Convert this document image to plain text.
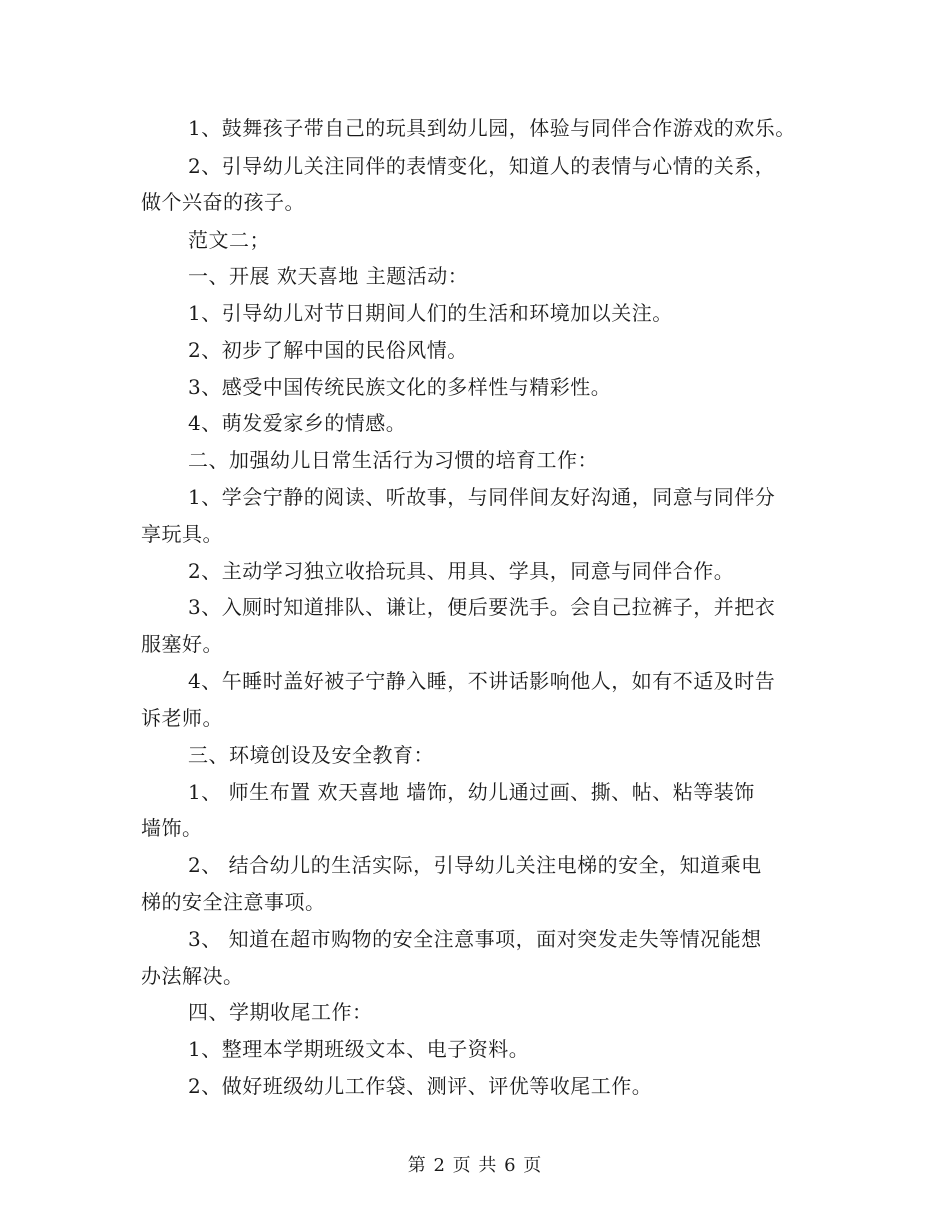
1、鼓舞孩子带自己的玩具到幼儿园，体验与同伴合作游戏的欢乐。
2、引导幼儿关注同伴的表情变化，知道人的表情与心情的关系，
做个兴奋的孩子。
范文二；
一、开展 欢天喜地 主题活动：
1、引导幼儿对节日期间人们的生活和环境加以关注。
2、初步了解中国的民俗风情。
3、感受中国传统民族文化的多样性与精彩性。
4、萌发爱家乡的情感。
二、加强幼儿日常生活行为习惯的培育工作：
1、学会宁静的阅读、听故事，与同伴间友好沟通，同意与同伴分
享玩具。
2、主动学习独立收拾玩具、用具、学具，同意与同伴合作。
3、入厕时知道排队、谦让，便后要洗手。会自己拉裤子，并把衣
服塞好。
4、午睡时盖好被子宁静入睡，不讲话影响他人，如有不适及时告
诉老师。
三、环境创设及安全教育：
1、 师生布置 欢天喜地 墙饰，幼儿通过画、撕、帖、粘等装饰
墙饰。
2、 结合幼儿的生活实际，引导幼儿关注电梯的安全，知道乘电
梯的安全注意事项。
3、 知道在超市购物的安全注意事项，面对突发走失等情况能想
办法解决。
四、学期收尾工作：
1、整理本学期班级文本、电子资料。
2、做好班级幼儿工作袋、测评、评优等收尾工作。
第 2 页 共 6 页
